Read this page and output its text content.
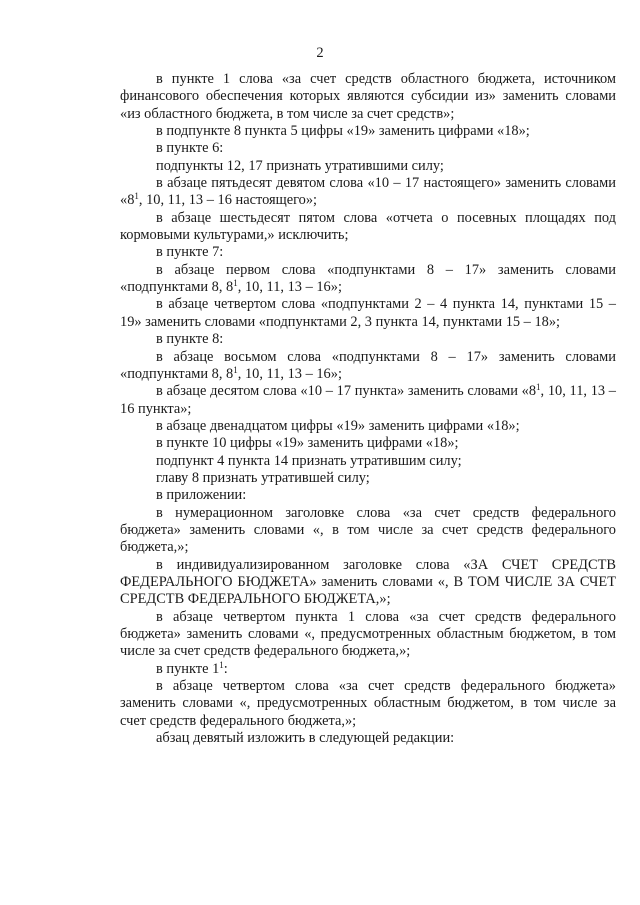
2

в пункте 1 слова «за счет средств областного бюджета, источником финансового обеспечения которых являются субсидии из» заменить словами «из областного бюджета, в том числе за счет средств»;

в подпункте 8 пункта 5 цифры «19» заменить цифрами «18»;

в пункте 6:

подпункты 12, 17 признать утратившими силу;

в абзаце пятьдесят девятом слова «10 – 17 настоящего» заменить словами «$8^1$, 10, 11, 13 – 16 настоящего»;

в абзаце шестьдесят пятом слова «отчета о посевных площадях под кормовыми культурами,» исключить;

в пункте 7:

в абзаце первом слова «подпунктами 8 – 17» заменить словами «подпунктами 8, $8^1$, 10, 11, 13 – 16»;

в абзаце четвертом слова «подпунктами 2 – 4 пункта 14, пунктами 15 – 19» заменить словами «подпунктами 2, 3 пункта 14, пунктами 15 – 18»;

в пункте 8:

в абзаце восьмом слова «подпунктами 8 – 17» заменить словами «подпунктами 8, $8^1$, 10, 11, 13 – 16»;

в абзаце десятом слова «10 – 17 пункта» заменить словами «$8^1$, 10, 11, 13 – 16 пункта»;

в абзаце двенадцатом цифры «19» заменить цифрами «18»;

в пункте 10 цифры «19» заменить цифрами «18»;

подпункт 4 пункта 14 признать утратившим силу;

главу 8 признать утратившей силу;

в приложении:

в нумерационном заголовке слова «за счет средств федерального бюджета» заменить словами «, в том числе за счет средств федерального бюджета,»;

в индивидуализированном заголовке слова «ЗА СЧЕТ СРЕДСТВ ФЕДЕРАЛЬНОГО БЮДЖЕТА» заменить словами «, В ТОМ ЧИСЛЕ ЗА СЧЕТ СРЕДСТВ ФЕДЕРАЛЬНОГО БЮДЖЕТА,»;

в абзаце четвертом пункта 1 слова «за счет средств федерального бюджета» заменить словами «, предусмотренных областным бюджетом, в том числе за счет средств федерального бюджета,»;

в пункте $1^1$:

в абзаце четвертом слова «за счет средств федерального бюджета» заменить словами «, предусмотренных областным бюджетом, в том числе за счет средств федерального бюджета,»;

абзац девятый изложить в следующей редакции:
